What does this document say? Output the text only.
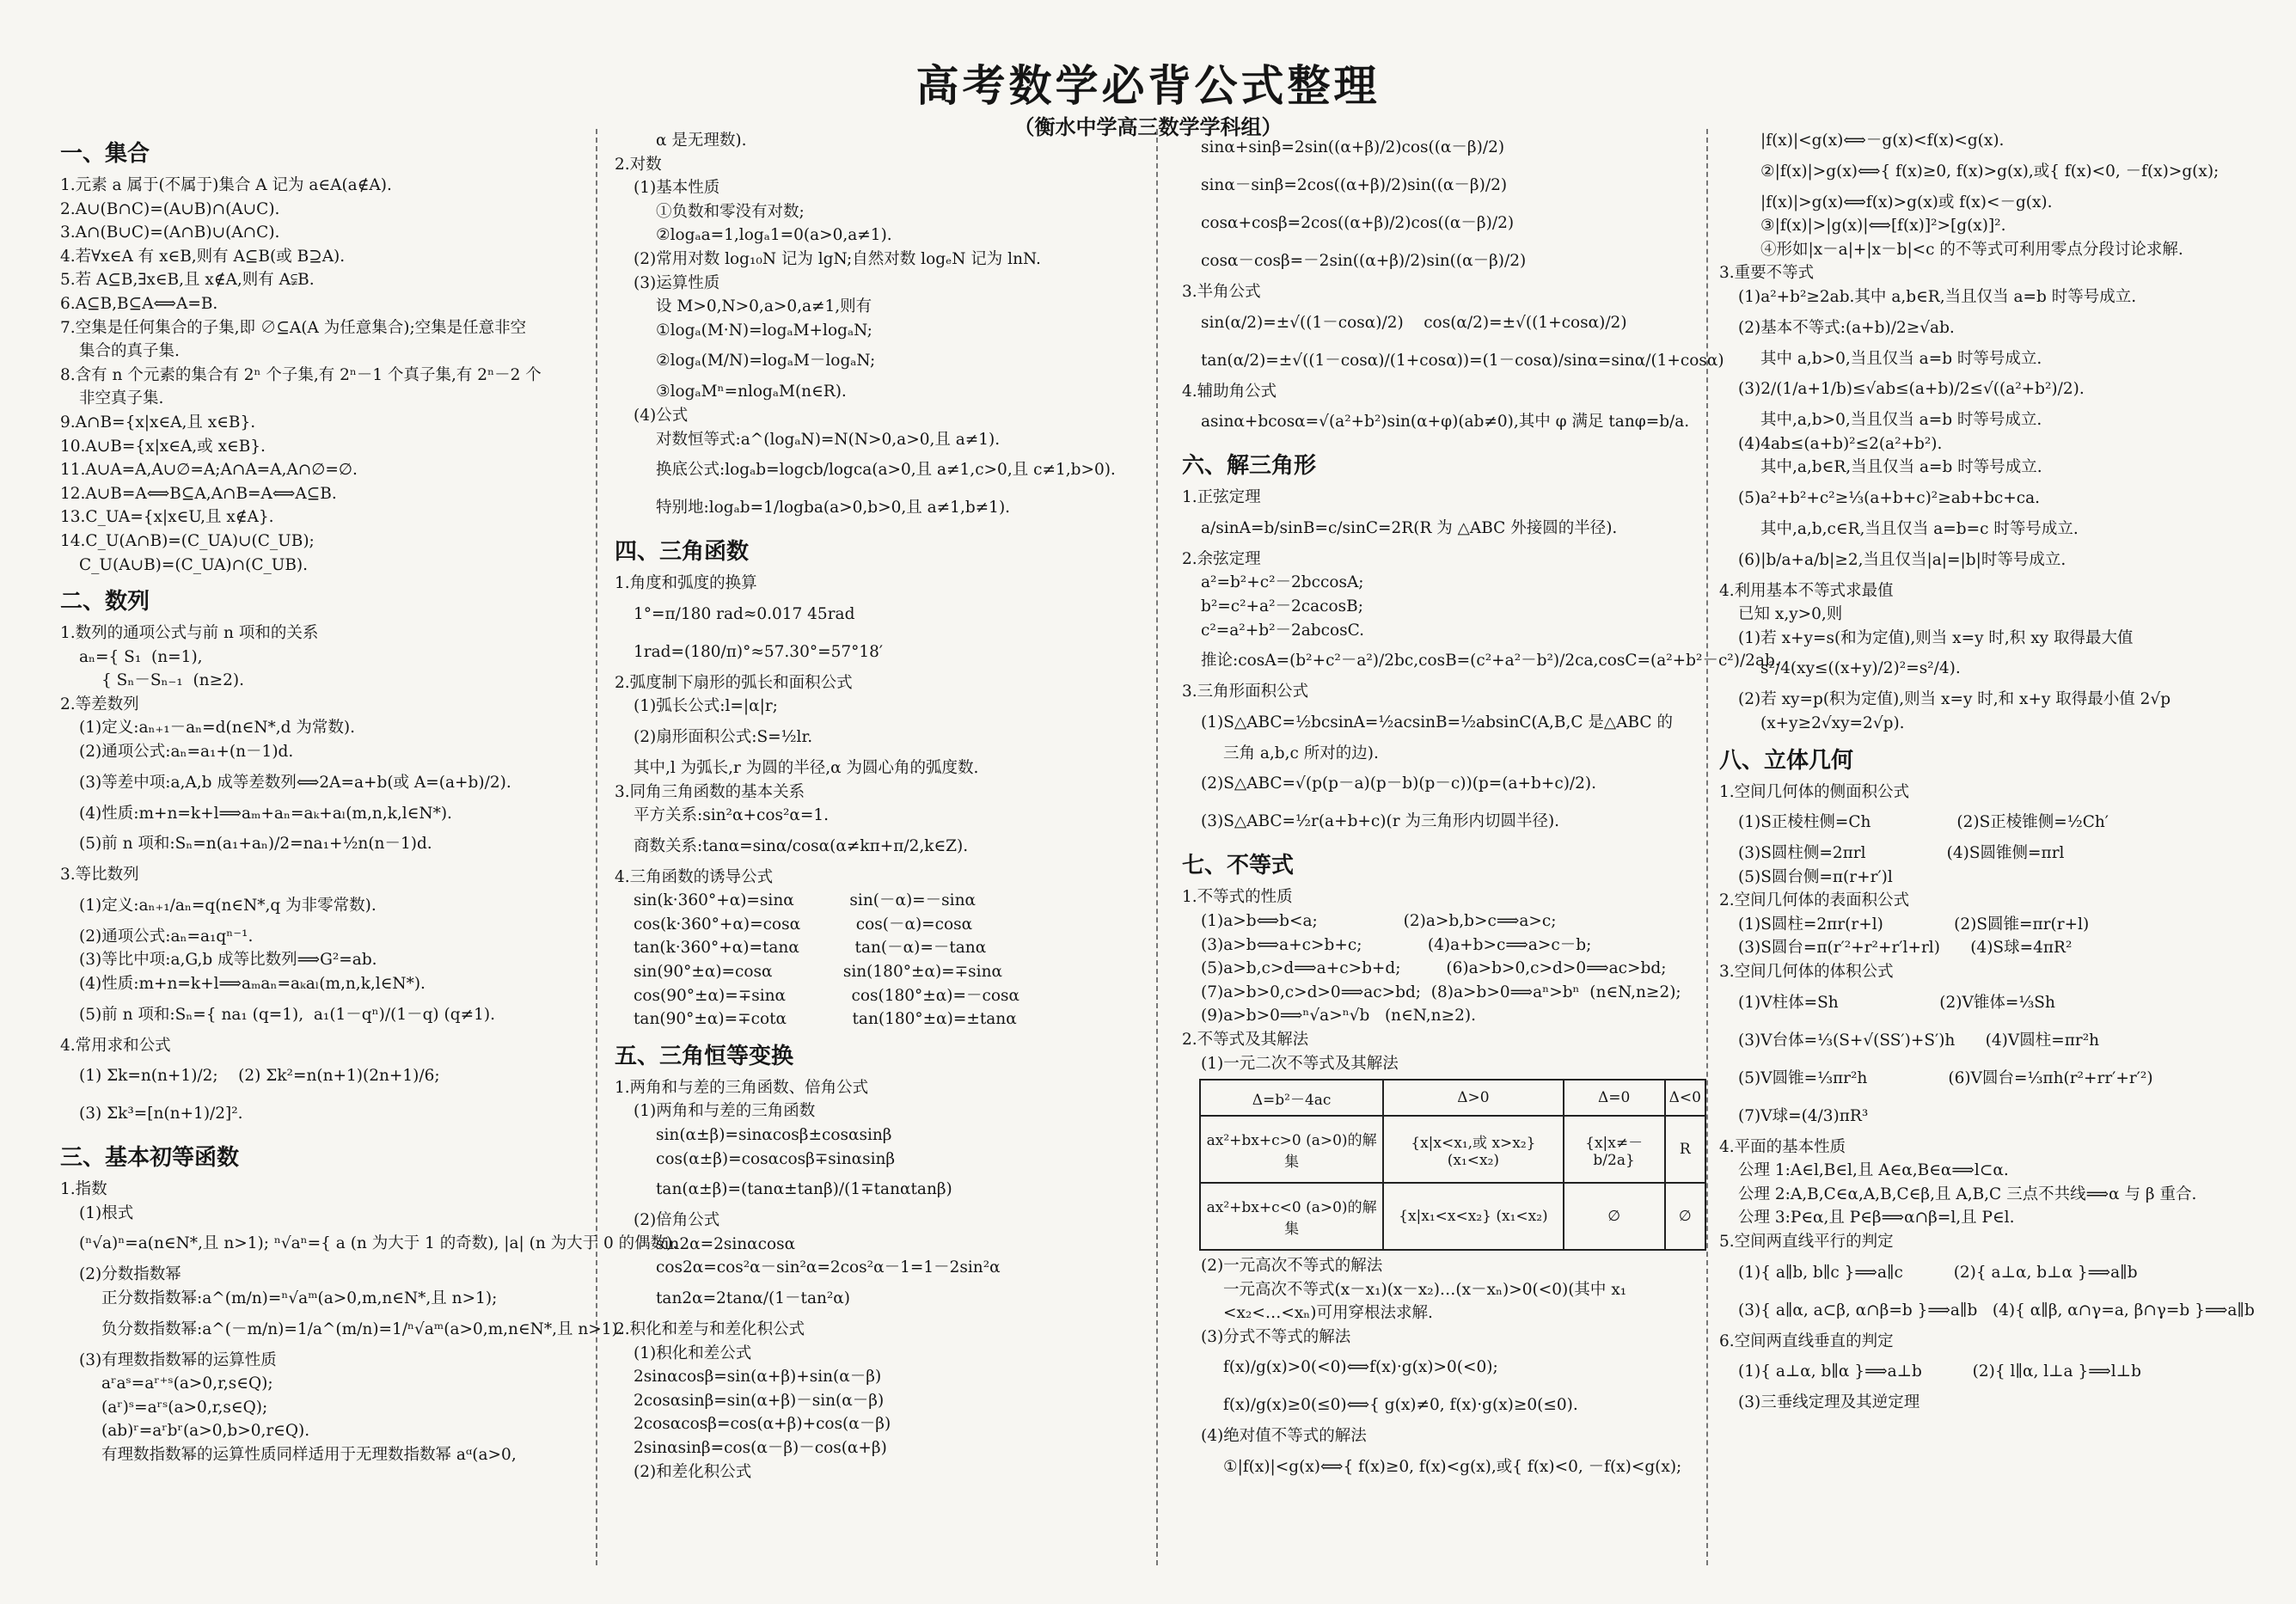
高考数学必背公式整理
（衡水中学高三数学学科组）
一、集合
1.元素 a 属于(不属于)集合 A 记为 a∈A(a∉A).
2.A∪(B∩C)=(A∪B)∩(A∪C).
3.A∩(B∪C)=(A∩B)∪(A∩C).
4.若∀x∈A 有 x∈B,则有 A⊆B(或 B⊇A).
5.若 A⊆B,∃x∈B,且 x∉A,则有 A⫋B.
6.A⊆B,B⊆A⟺A=B.
7.空集是任何集合的子集,即 ∅⊆A(A 为任意集合);空集是任意非空
集合的真子集.
8.含有 n 个元素的集合有 2ⁿ 个子集,有 2ⁿ－1 个真子集,有 2ⁿ－2 个
非空真子集.
9.A∩B={x|x∈A,且 x∈B}.
10.A∪B={x|x∈A,或 x∈B}.
11.A∪A=A,A∪∅=A;A∩A=A,A∩∅=∅.
12.A∪B=A⟺B⊆A,A∩B=A⟺A⊆B.
13.C_UA={x|x∈U,且 x∉A}.
14.C_U(A∩B)=(C_UA)∪(C_UB);
C_U(A∪B)=(C_UA)∩(C_UB).
二、数列
1.数列的通项公式与前 n 项和的关系
aₙ={ S₁  (n=1),
{ Sₙ－Sₙ₋₁  (n≥2).
2.等差数列
(1)定义:aₙ₊₁－aₙ=d(n∈N*,d 为常数).
(2)通项公式:aₙ=a₁+(n－1)d.
(3)等差中项:a,A,b 成等差数列⟺2A=a+b(或 A=(a+b)/2).
(4)性质:m+n=k+l⟹aₘ+aₙ=aₖ+aₗ(m,n,k,l∈N*).
(5)前 n 项和:Sₙ=n(a₁+aₙ)/2=na₁+½n(n－1)d.
3.等比数列
(1)定义:aₙ₊₁/aₙ=q(n∈N*,q 为非零常数).
(2)通项公式:aₙ=a₁qⁿ⁻¹.
(3)等比中项:a,G,b 成等比数列⟹G²=ab.
(4)性质:m+n=k+l⟹aₘaₙ=aₖaₗ(m,n,k,l∈N*).
(5)前 n 项和:Sₙ={ na₁ (q=1),  a₁(1－qⁿ)/(1－q) (q≠1).
4.常用求和公式
(1) Σk=n(n+1)/2;    (2) Σk²=n(n+1)(2n+1)/6;
(3) Σk³=[n(n+1)/2]².
三、基本初等函数
1.指数
(1)根式
(ⁿ√a)ⁿ=a(n∈N*,且 n>1); ⁿ√aⁿ={ a (n 为大于 1 的奇数), |a| (n 为大于 0 的偶数).
(2)分数指数幂
正分数指数幂:a^(m/n)=ⁿ√aᵐ(a>0,m,n∈N*,且 n>1);
负分数指数幂:a^(－m/n)=1/a^(m/n)=1/ⁿ√aᵐ(a>0,m,n∈N*,且 n>1).
(3)有理数指数幂的运算性质
aʳaˢ=aʳ⁺ˢ(a>0,r,s∈Q);
(aʳ)ˢ=aʳˢ(a>0,r,s∈Q);
(ab)ʳ=aʳbʳ(a>0,b>0,r∈Q).
有理数指数幂的运算性质同样适用于无理数指数幂 aᵅ(a>0,
α 是无理数).
2.对数
(1)基本性质
①负数和零没有对数;
②logₐa=1,logₐ1=0(a>0,a≠1).
(2)常用对数 log₁₀N 记为 lgN;自然对数 logₑN 记为 lnN.
(3)运算性质
设 M>0,N>0,a>0,a≠1,则有
①logₐ(M·N)=logₐM+logₐN;
②logₐ(M/N)=logₐM－logₐN;
③logₐMⁿ=nlogₐM(n∈R).
(4)公式
对数恒等式:a^(logₐN)=N(N>0,a>0,且 a≠1).
换底公式:logₐb=logcb/logca(a>0,且 a≠1,c>0,且 c≠1,b>0).
特别地:logₐb=1/logba(a>0,b>0,且 a≠1,b≠1).
四、三角函数
1.角度和弧度的换算
1°=π/180 rad≈0.017 45rad
1rad=(180/π)°≈57.30°=57°18′
2.弧度制下扇形的弧长和面积公式
(1)弧长公式:l=|α|r;
(2)扇形面积公式:S=½lr.
其中,l 为弧长,r 为圆的半径,α 为圆心角的弧度数.
3.同角三角函数的基本关系
平方关系:sin²α+cos²α=1.
商数关系:tanα=sinα/cosα(α≠kπ+π/2,k∈Z).
4.三角函数的诱导公式
sin(k·360°+α)=sinα           sin(－α)=－sinα
cos(k·360°+α)=cosα           cos(－α)=cosα
tan(k·360°+α)=tanα           tan(－α)=－tanα
sin(90°±α)=cosα              sin(180°±α)=∓sinα
cos(90°±α)=∓sinα             cos(180°±α)=－cosα
tan(90°±α)=∓cotα             tan(180°±α)=±tanα
五、三角恒等变换
1.两角和与差的三角函数、倍角公式
(1)两角和与差的三角函数
sin(α±β)=sinαcosβ±cosαsinβ
cos(α±β)=cosαcosβ∓sinαsinβ
tan(α±β)=(tanα±tanβ)/(1∓tanαtanβ)
(2)倍角公式
sin2α=2sinαcosα
cos2α=cos²α－sin²α=2cos²α－1=1－2sin²α
tan2α=2tanα/(1－tan²α)
2.积化和差与和差化积公式
(1)积化和差公式
2sinαcosβ=sin(α+β)+sin(α－β)
2cosαsinβ=sin(α+β)－sin(α－β)
2cosαcosβ=cos(α+β)+cos(α－β)
2sinαsinβ=cos(α－β)－cos(α+β)
(2)和差化积公式
sinα+sinβ=2sin((α+β)/2)cos((α－β)/2)
sinα－sinβ=2cos((α+β)/2)sin((α－β)/2)
cosα+cosβ=2cos((α+β)/2)cos((α－β)/2)
cosα－cosβ=－2sin((α+β)/2)sin((α－β)/2)
3.半角公式
sin(α/2)=±√((1－cosα)/2)    cos(α/2)=±√((1+cosα)/2)
tan(α/2)=±√((1－cosα)/(1+cosα))=(1－cosα)/sinα=sinα/(1+cosα)
4.辅助角公式
asinα+bcosα=√(a²+b²)sin(α+φ)(ab≠0),其中 φ 满足 tanφ=b/a.
六、解三角形
1.正弦定理
a/sinA=b/sinB=c/sinC=2R(R 为 △ABC 外接圆的半径).
2.余弦定理
a²=b²+c²－2bccosA;
b²=c²+a²－2cacosB;
c²=a²+b²－2abcosC.
推论:cosA=(b²+c²－a²)/2bc,cosB=(c²+a²－b²)/2ca,cosC=(a²+b²－c²)/2ab.
3.三角形面积公式
(1)S△ABC=½bcsinA=½acsinB=½absinC(A,B,C 是△ABC 的
三角 a,b,c 所对的边).
(2)S△ABC=√(p(p－a)(p－b)(p－c))(p=(a+b+c)/2).
(3)S△ABC=½r(a+b+c)(r 为三角形内切圆半径).
七、不等式
1.不等式的性质
(1)a>b⟺b<a;                 (2)a>b,b>c⟹a>c;
(3)a>b⟺a+c>b+c;             (4)a+b>c⟹a>c－b;
(5)a>b,c>d⟹a+c>b+d;         (6)a>b>0,c>d>0⟹ac>bd;
(7)a>b>0,c>d>0⟹ac>bd;  (8)a>b>0⟹aⁿ>bⁿ  (n∈N,n≥2);
(9)a>b>0⟹ⁿ√a>ⁿ√b   (n∈N,n≥2).
2.不等式及其解法
(1)一元二次不等式及其解法
Δ=b²－4ac	Δ>0	Δ=0	Δ<0
ax²+bx+c>0 (a>0)的解集	{x|x<x₁,或 x>x₂} (x₁<x₂)	{x|x≠－b/2a}	R
ax²+bx+c<0 (a>0)的解集	{x|x₁<x<x₂} (x₁<x₂)	∅	∅
(2)一元高次不等式的解法
一元高次不等式(x－x₁)(x－x₂)…(x－xₙ)>0(<0)(其中 x₁
<x₂<…<xₙ)可用穿根法求解.
(3)分式不等式的解法
f(x)/g(x)>0(<0)⟺f(x)·g(x)>0(<0);
f(x)/g(x)≥0(≤0)⟺{ g(x)≠0, f(x)·g(x)≥0(≤0).
(4)绝对值不等式的解法
①|f(x)|<g(x)⟺{ f(x)≥0, f(x)<g(x),或{ f(x)<0, －f(x)<g(x);
|f(x)|<g(x)⟺－g(x)<f(x)<g(x).
②|f(x)|>g(x)⟺{ f(x)≥0, f(x)>g(x),或{ f(x)<0, －f(x)>g(x);
|f(x)|>g(x)⟺f(x)>g(x)或 f(x)<－g(x).
③|f(x)|>|g(x)|⟺[f(x)]²>[g(x)]².
④形如|x－a|+|x－b|<c 的不等式可利用零点分段讨论求解.
3.重要不等式
(1)a²+b²≥2ab.其中 a,b∈R,当且仅当 a=b 时等号成立.
(2)基本不等式:(a+b)/2≥√ab.
其中 a,b>0,当且仅当 a=b 时等号成立.
(3)2/(1/a+1/b)≤√ab≤(a+b)/2≤√((a²+b²)/2).
其中,a,b>0,当且仅当 a=b 时等号成立.
(4)4ab≤(a+b)²≤2(a²+b²).
其中,a,b∈R,当且仅当 a=b 时等号成立.
(5)a²+b²+c²≥⅓(a+b+c)²≥ab+bc+ca.
其中,a,b,c∈R,当且仅当 a=b=c 时等号成立.
(6)|b/a+a/b|≥2,当且仅当|a|=|b|时等号成立.
4.利用基本不等式求最值
已知 x,y>0,则
(1)若 x+y=s(和为定值),则当 x=y 时,积 xy 取得最大值
s²/4(xy≤((x+y)/2)²=s²/4).
(2)若 xy=p(积为定值),则当 x=y 时,和 x+y 取得最小值 2√p
(x+y≥2√xy=2√p).
八、立体几何
1.空间几何体的侧面积公式
(1)S正棱柱侧=Ch                 (2)S正棱锥侧=½Ch′
(3)S圆柱侧=2πrl                (4)S圆锥侧=πrl
(5)S圆台侧=π(r+r′)l
2.空间几何体的表面积公式
(1)S圆柱=2πr(r+l)              (2)S圆锥=πr(r+l)
(3)S圆台=π(r′²+r²+r′l+rl)      (4)S球=4πR²
3.空间几何体的体积公式
(1)V柱体=Sh                    (2)V锥体=⅓Sh
(3)V台体=⅓(S+√(SS′)+S′)h      (4)V圆柱=πr²h
(5)V圆锥=⅓πr²h                (6)V圆台=⅓πh(r²+rr′+r′²)
(7)V球=(4/3)πR³
4.平面的基本性质
公理 1:A∈l,B∈l,且 A∈α,B∈α⟹l⊂α.
公理 2:A,B,C∈α,A,B,C∈β,且 A,B,C 三点不共线⟹α 与 β 重合.
公理 3:P∈α,且 P∈β⟹α∩β=l,且 P∈l.
5.空间两直线平行的判定
(1){ a∥b, b∥c }⟹a∥c          (2){ a⊥α, b⊥α }⟹a∥b
(3){ a∥α, a⊂β, α∩β=b }⟹a∥b   (4){ α∥β, α∩γ=a, β∩γ=b }⟹a∥b
6.空间两直线垂直的判定
(1){ a⊥α, b∥α }⟹a⊥b          (2){ l∥α, l⊥a }⟹l⊥b
(3)三垂线定理及其逆定理
